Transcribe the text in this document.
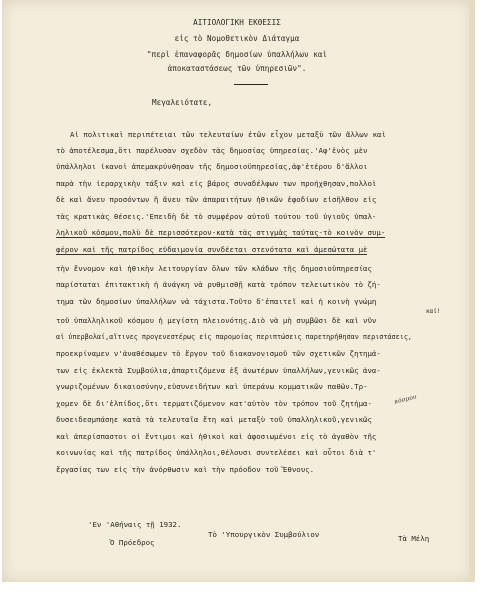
ΑΙΤΙΟΛΟΓΙΚΗ ΕΚΘΕΣΙΣ
εἰς τὸ Νομοθετικὸν Διάταγμα
"περὶ ἐπαναφορᾶς δημοσίων ὑπαλλήλων καὶ
ἀποκαταστάσεως τῶν ὑπηρεσιῶν".
Μεγαλειότατε,
Αἱ πολιτικαὶ περιπέτειαι τῶν τελευταίων ἐτῶν εἶχον μεταξὺ τῶν ἄλλων καὶ
τὸ ἀποτέλεσμα,ὅτι παρέλυσαν σχεδὸν τὰς δημοσίας ὑπηρεσίας.'Αφ'ἑνὸς μὲν
ὑπάλληλοι ἱκανοὶ ἀπεμακρύνθησαν τῆς δημοσιοϋπηρεσίας,ἀφ'ἑτέρου δ'ἄλλοι
παρὰ τὴν ἱεραρχικὴν τάξιν καὶ εἰς βάρος συναδέλφων των προήχθησαν,πολλοὶ
δὲ καὶ ἄνευ προσόντων ἢ ἄνευ τῶν ἀπαραιτήτων ἠθικῶν ἐφοδίων εἰσῆλθον εἰς
τὰς κρατικὰς θέσεις.'Επειδὴ δὲ τὸ συμφέρον αὐτοῦ τούτου τοῦ ὑγιοῦς ὑπαλ-
ληλικοῦ κόσμου,πολὺ δὲ περισσότερον-κατὰ τὰς στιγμὰς ταύτας-τὸ κοινὸν συμ-
φέρον καὶ τῆς πατρίδος εὐδαιμονία συνδέεται στενότατα καὶ ἀμεσώτατα μὲ
τὴν ἔννομον καὶ ἠθικὴν λειτουργίαν ὅλων τῶν κλάδων τῆς δημοσιοϋπηρεσίας
παρίσταται ἐπιτακτικὴ ἡ ἀνάγκη νὰ ρυθμισθῇ κατὰ τρόπον τελειωτικὸν τὸ ζή-
τημα τῶν δημοσίων ὑπαλλήλων νὰ τάχιστα.Τοῦτο δ'ἐπαιτεῖ καὶ ἡ κοινὴ γνώμη
καί!
τοῦ ὑπαλληλικοῦ κόσμου ἡ μεγίστη πλειονότης.Διὸ νὰ μὴ συμβῶσι δὲ καὶ νῦν
αἱ ὑπερβολαί,αἵτινες προγενεστέρως εἰς παρομοίας περιπτώσεις παρετηρήθησαν περιστάσεις,
προεκρίναμεν ν'ἀναθέσωμεν τὸ ἔργον τοῦ διακανονισμοῦ τῶν σχετικῶν ζητημά-
των εἰς ἐκλεκτὰ Συμβούλια,ἀπαρτιζόμενα ἐξ ἀνωτέρων ὑπαλλήλων,γενικῶς ἀνα-
γνωριζομένων δικαιοσύνην,εὐσυνειδήτων καὶ ὑπεράνω κομματικῶν παθῶν.Τρ-
χομεν δὲ δι'ἐλπίδος,ὅτι τερματιζόμενον κατ'αὐτὸν τὸν τρόπον τοῦ ζητήμα-
δυσειδεσμπάσηε κατὰ τὰ τελευταῖα ἔτη καὶ μεταξὺ τοῦ ὑπαλληλικοῦ,γενικῶς
καὶ ἀπερίσπαστοι οἱ ἔντιμοι καὶ ἠθικοὶ καὶ ἀφοσιωμένοι εἰς τὸ ἀγαθὸν τῆς
κοινωνίας καὶ τῆς πατρίδος ὑπάλληλοι,θέλουσι συντελέσει καὶ οὗτοι διὰ τ'
ἔργασίας των εἰς τὴν ἀνόρθωσιν καὶ τὴν πρόοδον τοῦ Ἔθνους.
κόσμου
'Εν 'Αθήναις τῇ 1932.
Ὁ Πρόεδρος
Τὸ 'Υπουργικὸν Συμβούλιον	Τὰ Μέλη
